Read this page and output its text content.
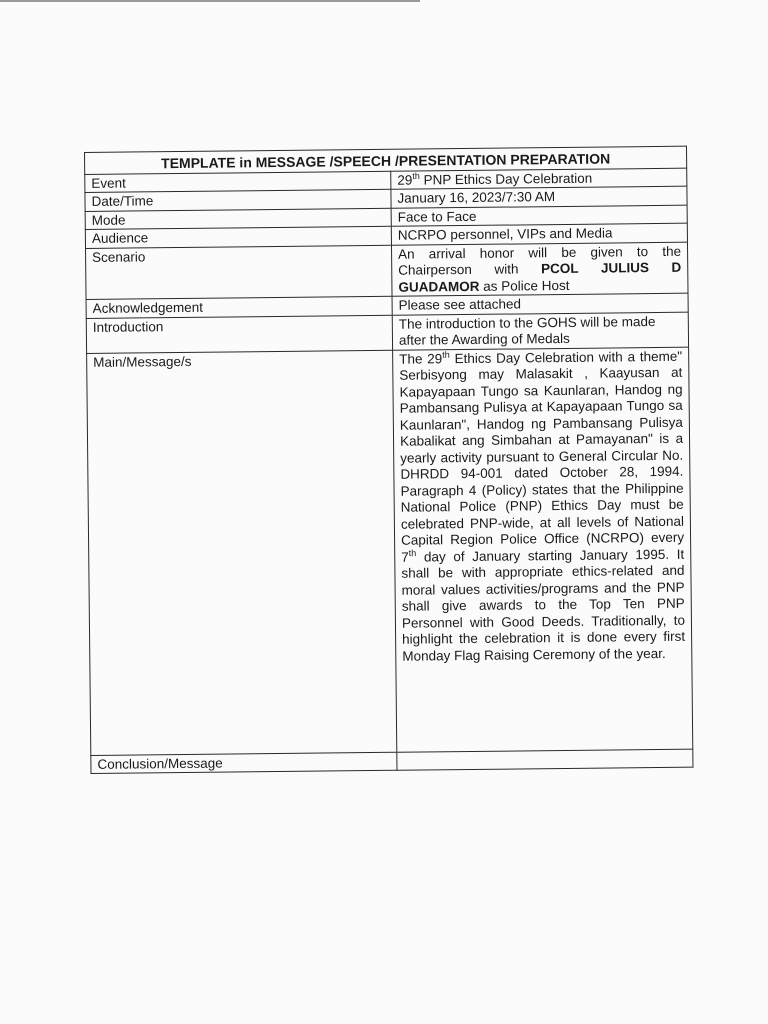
TEMPLATE in MESSAGE /SPEECH /PRESENTATION PREPARATION	
Event	29th PNP Ethics Day Celebration
Date/Time	January 16, 2023/7:30 AM
Mode	Face to Face
Audience	NCRPO personnel, VIPs and Media
Scenario	An arrival honor will be given to the Chairperson with PCOL JULIUS D GUADAMOR as Police Host
Acknowledgement	Please see attached
Introduction	The introduction to the GOHS will be made after the Awarding of Medals
Main/Message/s	The 29th Ethics Day Celebration with a theme" Serbisyong may Malasakit , Kaayusan at Kapayapaan Tungo sa Kaunlaran, Handog ng Pambansang Pulisya at Kapayapaan Tungo sa Kaunlaran", Handog ng Pambansang Pulisya Kabalikat ang Simbahan at Pamayanan" is a yearly activity pursuant to General Circular No. DHRDD 94-001 dated October 28, 1994. Paragraph 4 (Policy) states that the Philippine National Police (PNP) Ethics Day must be celebrated PNP-wide, at all levels of National Capital Region Police Office (NCRPO) every 7th day of January starting January 1995. It shall be with appropriate ethics-related and moral values activities/programs and the PNP shall give awards to the Top Ten PNP Personnel with Good Deeds. Traditionally, to highlight the celebration it is done every first Monday Flag Raising Ceremony of the year.
Conclusion/Message	
